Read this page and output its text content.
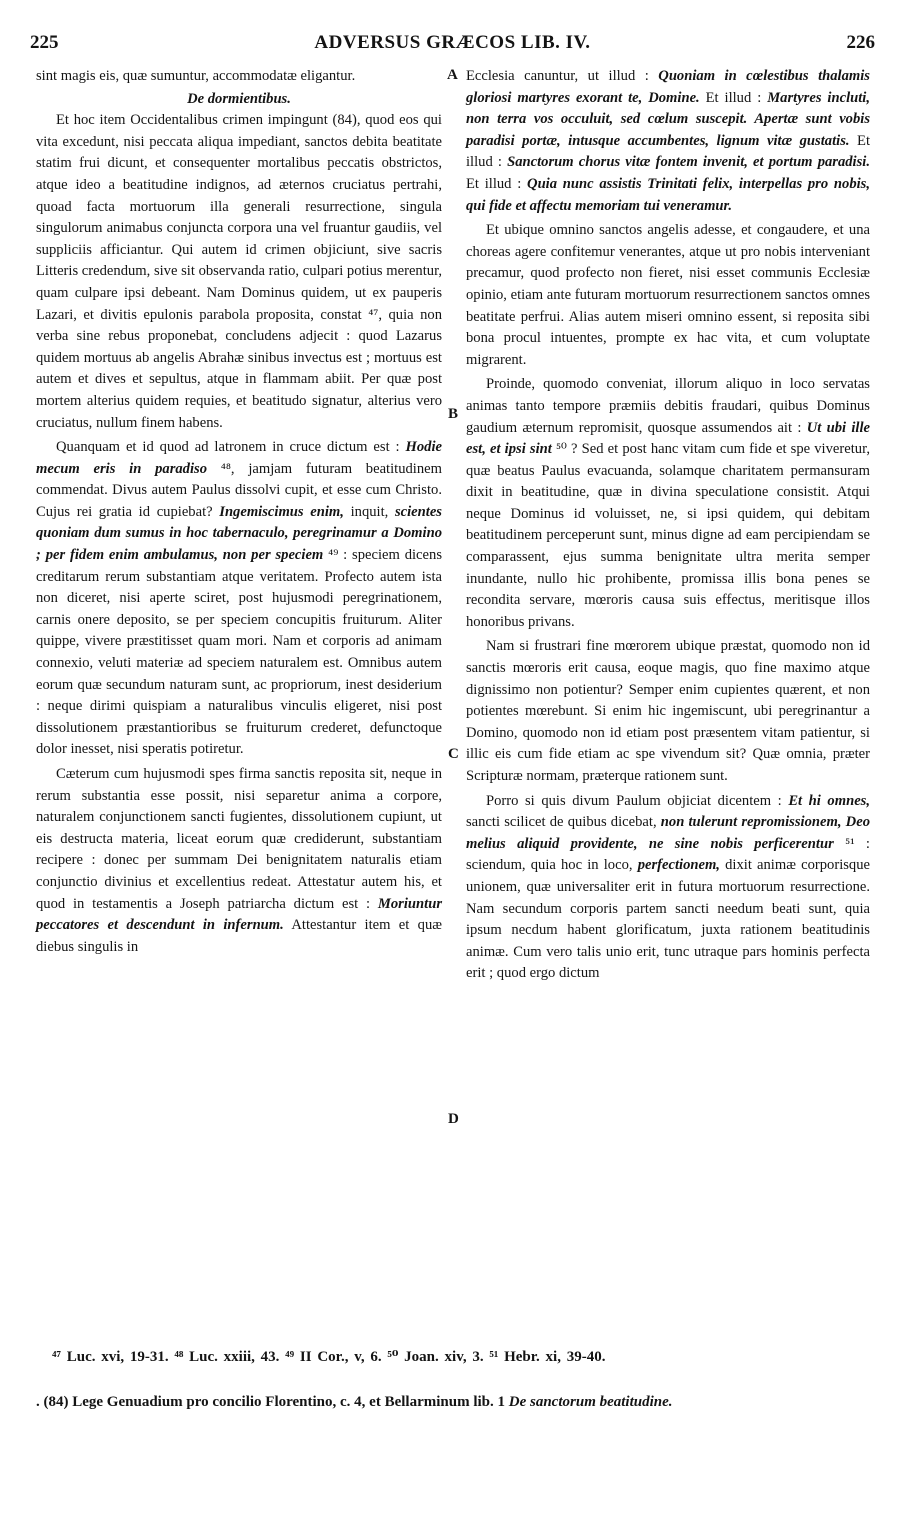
225	ADVERSUS GRÆCOS LIB. IV.	226
A
B
C
D

sint magis eis, quæ sumuntur, accommodatæ eligantur.

De dormientibus.

Et hoc item Occidentalibus crimen impingunt (84), quod eos qui vita excedunt, nisi peccata aliqua impediant, sanctos debita beatitate statim frui dicunt, et consequenter mortalibus peccatis obstrictos, atque ideo a beatitudine indignos, ad æternos cruciatus pertrahi, quoad facta mortuorum illa generali resurrectione, singula singulorum animabus conjuncta corpora una vel fruantur gaudiis, vel suppliciis afficiantur. Qui autem id crimen objiciunt, sive sacris Litteris credendum, sive sit observanda ratio, culpari potius merentur, quam culpare ipsi debeant. Nam Dominus quidem, ut ex pauperis Lazari, et divitis epulonis parabola proposita, constat ⁴⁷, quia non verba sine rebus proponebat, concludens adjecit : quod Lazarus quidem mortuus ab angelis Abrahæ sinibus invectus est ; mortuus est autem et dives et sepultus, atque in flammam abiit. Per quæ post mortem alterius quidem requies, et beatitudo signatur, alterius vero cruciatus, nullum finem habens.

Quanquam et id quod ad latronem in cruce dictum est : Hodie mecum eris in paradiso ⁴⁸, jamjam futuram beatitudinem commendat. Divus autem Paulus dissolvi cupit, et esse cum Christo. Cujus rei gratia id cupiebat? Ingemiscimus enim, inquit, scientes quoniam dum sumus in hoc tabernaculo, peregrinamur a Domino ; per fidem enim ambulamus, non per speciem ⁴⁹ : speciem dicens creditarum rerum substantiam atque veritatem. Profecto autem ista non diceret, nisi aperte sciret, post hujusmodi peregrinationem, carnis onere deposito, se per speciem concupitis fruiturum. Aliter quippe, vivere præstitisset quam mori. Nam et corporis ad animam connexio, veluti materiæ ad speciem naturalem est. Omnibus autem eorum quæ secundum naturam sunt, ac propriorum, inest desiderium : neque dirimi quispiam a naturalibus vinculis eligeret, nisi post dissolutionem præstantioribus se fruiturum crederet, defunctoque dolor inesset, nisi speratis potiretur.

Cæterum cum hujusmodi spes firma sanctis reposita sit, neque in rerum substantia esse possit, nisi separetur anima a corpore, naturalem conjunctionem sancti fugientes, dissolutionem cupiunt, ut eis destructa materia, liceat eorum quæ crediderunt, substantiam recipere : donec per summam Dei benignitatem naturalis etiam conjunctio divinius et excellentius redeat. Attestatur autem his, et quod in testamentis a Joseph patriarcha dictum est : Moriuntur peccatores et descendunt in infernum. Attestantur item et quæ diebus singulis in

Ecclesia canuntur, ut illud : Quoniam in cœlestibus thalamis gloriosi martyres exorant te, Domine. Et illud : Martyres incluti, non terra vos occuluit, sed cœlum suscepit. Apertæ sunt vobis paradisi portæ, intusque accumbentes, lignum vitæ gustatis. Et illud : Sanctorum chorus vitæ fontem invenit, et portum paradisi. Et illud : Quia nunc assistis Trinitati felix, interpellas pro nobis, qui fide et affectu memoriam tui veneramur.

Et ubique omnino sanctos angelis adesse, et congaudere, et una choreas agere confitemur venerantes, atque ut pro nobis interveniant precamur, quod profecto non fieret, nisi esset communis Ecclesiæ opinio, etiam ante futuram mortuorum resurrectionem sanctos omnes beatitate perfrui. Alias autem miseri omnino essent, si reposita sibi bona procul intuentes, prompte ex hac vita, et cum voluptate migrarent.

Proinde, quomodo conveniat, illorum aliquo in loco servatas animas tanto tempore præmiis debitis fraudari, quibus Dominus gaudium æternum repromisit, quosque assumendos ait : Ut ubi ille est, et ipsi sint ⁵⁰ ? Sed et post hanc vitam cum fide et spe viveretur, quæ beatus Paulus evacuanda, solamque charitatem permansuram dixit in beatitudine, quæ in divina speculatione consistit. Atqui neque Dominus id voluisset, ne, si ipsi quidem, qui debitam beatitudinem perceperunt sunt, minus digne ad eam percipiendam se comparassent, ejus summa benignitate ultra merita semper inundante, nullo hic prohibente, promissa illis bona penes se recondita servare, mœroris causa suis effectus, meritisque illos honoribus privans.

Nam si frustrari fine mœrorem ubique præstat, quomodo non id sanctis mœroris erit causa, eoque magis, quo fine maximo atque dignissimo non potientur? Semper enim cupientes quærent, et non potientes mœrebunt. Si enim hic ingemiscunt, ubi peregrinantur a Domino, quomodo non id etiam post præsentem vitam patientur, si illic eis cum fide etiam ac spe vivendum sit? Quæ omnia, præter Scripturæ normam, præterque rationem sunt.

Porro si quis divum Paulum objiciat dicentem : Et hi omnes, sancti scilicet de quibus dicebat, non tulerunt repromissionem, Deo melius aliquid providente, ne sine nobis perficerentur ⁵¹ : sciendum, quia hoc in loco, perfectionem, dixit animæ corporisque unionem, quæ universaliter erit in futura mortuorum resurrectione. Nam secundum corporis partem sancti needum beati sunt, quia ipsum necdum habent glorificatum, juxta rationem beatitudinis animæ. Cum vero talis unio erit, tunc utraque pars hominis perfecta erit ; quod ergo dictum

⁴⁷ Luc. xvi, 19-31. ⁴⁸ Luc. xxiii, 43. ⁴⁹ II Cor., v, 6. ⁵⁰ Joan. xiv, 3. ⁵¹ Hebr. xi, 39-40.
. (84) Lege Genuadium pro concilio Florentino, c. 4, et Bellarminum lib. 1 De sanctorum beatitudine.
